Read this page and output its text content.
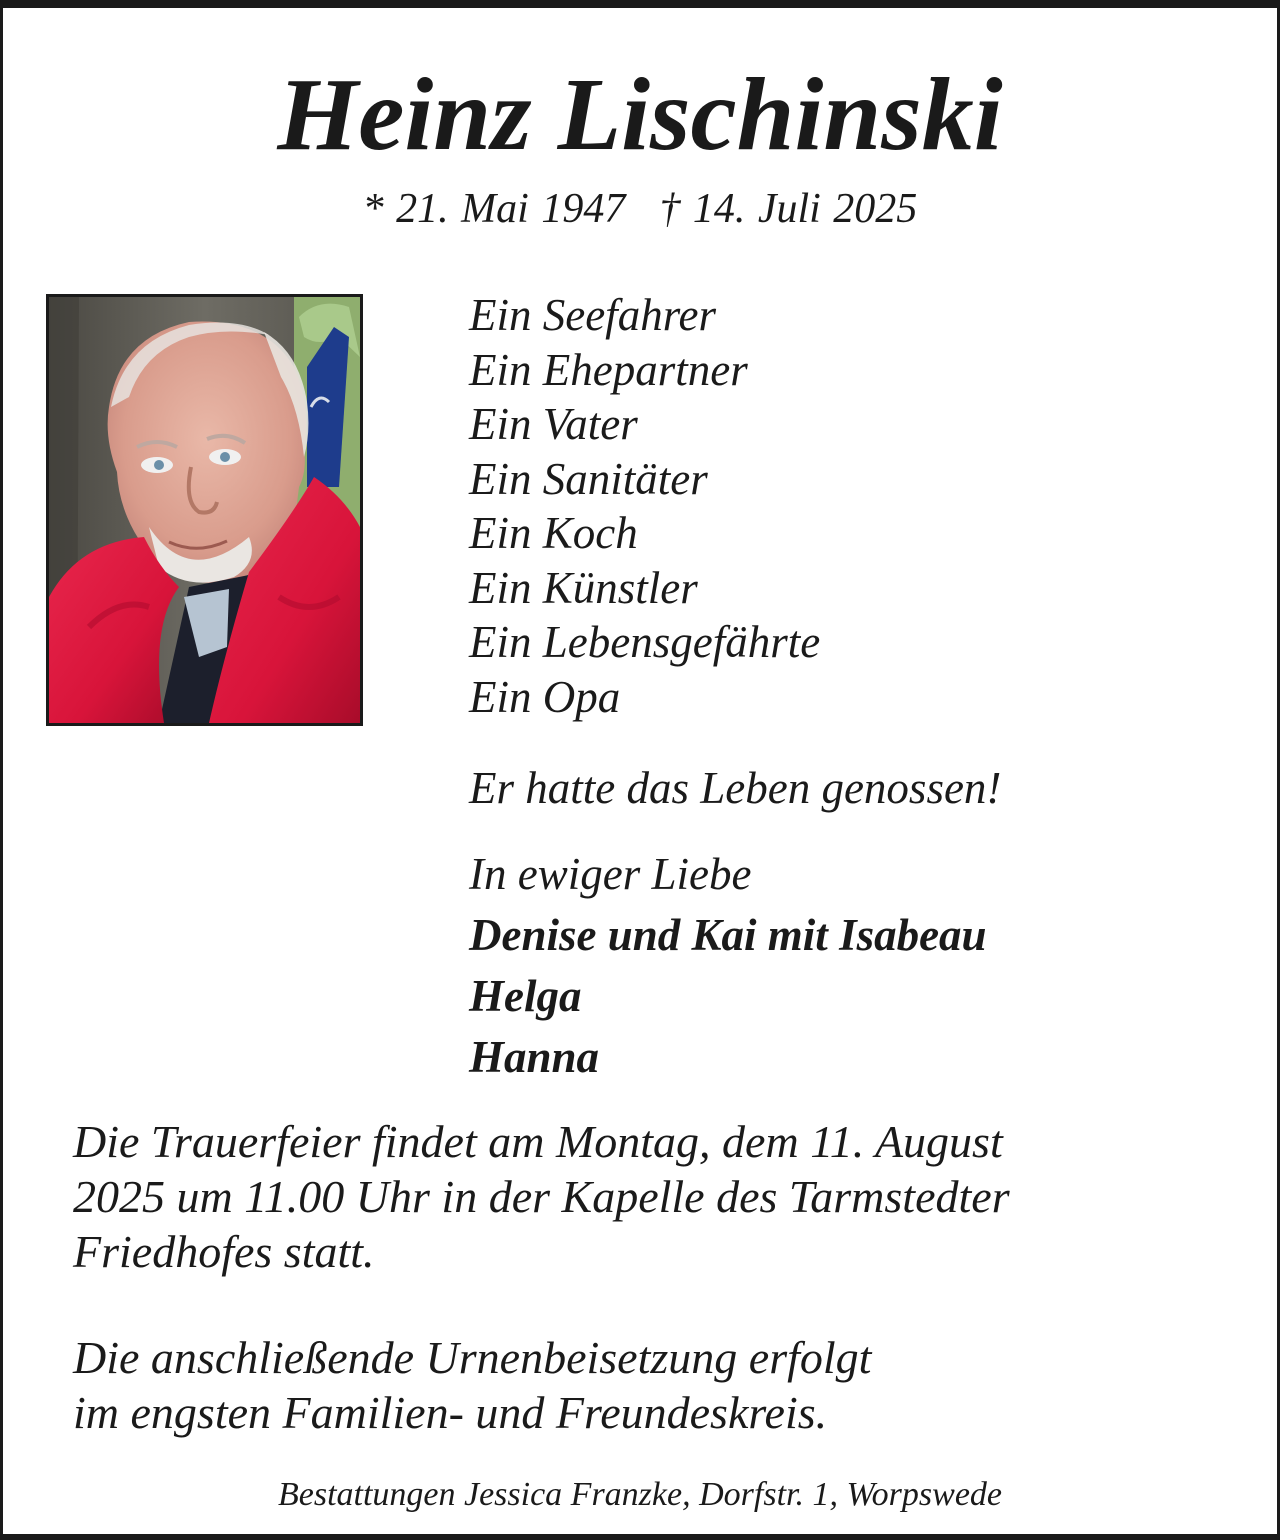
Heinz Lischinski
* 21. Mai 1947 † 14. Juli 2025
Ein Seefahrer
Ein Ehepartner
Ein Vater
Ein Sanitäter
Ein Koch
Ein Künstler
Ein Lebensgefährte
Ein Opa
Er hatte das Leben genossen!
In ewiger Liebe
Denise und Kai mit Isabeau
Helga
Hanna
Die Trauerfeier findet am Montag, dem 11. August
2025 um 11.00 Uhr in der Kapelle des Tarmstedter
Friedhofes statt.
Die anschließende Urnenbeisetzung erfolgt
im engsten Familien- und Freundeskreis.
Bestattungen Jessica Franzke, Dorfstr. 1, Worpswede
